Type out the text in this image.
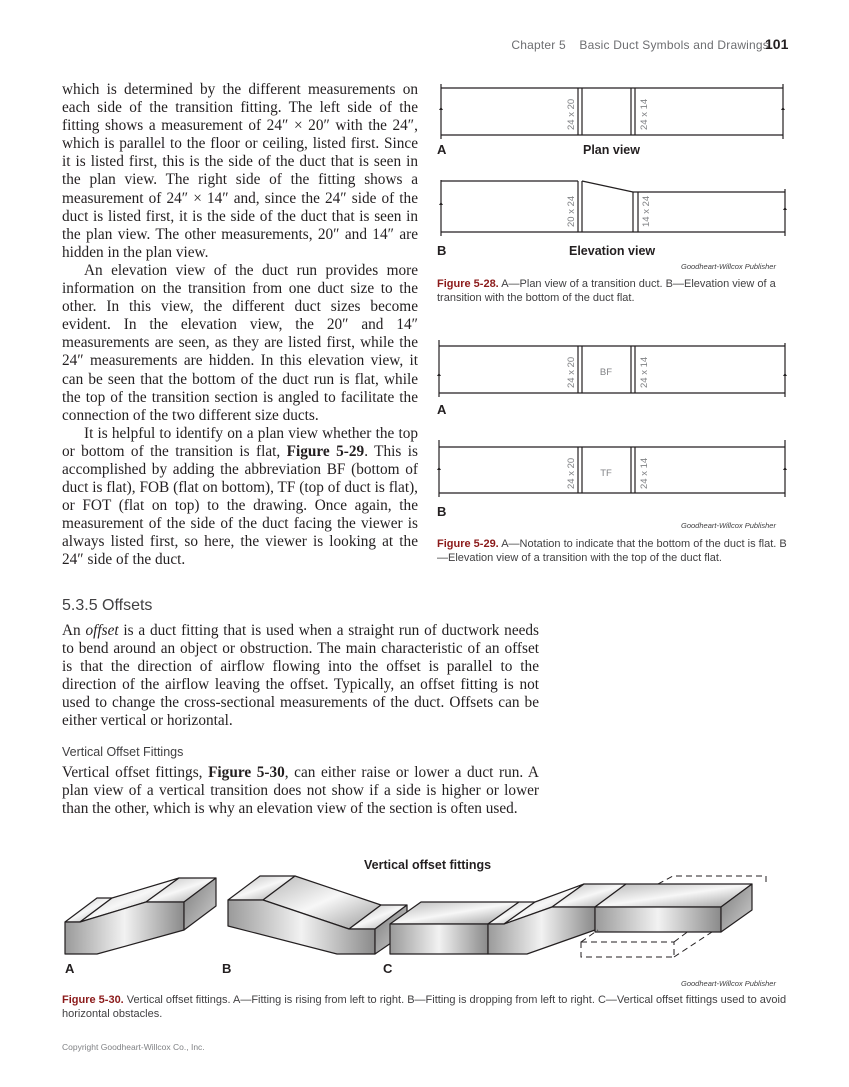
Chapter 5 Basic Duct Symbols and Drawings
101

which is determined by the different measurements on each side of the transition fitting. The left side of the fitting shows a measurement of 24″ × 20″ with the 24″, which is parallel to the floor or ceiling, listed first. Since it is listed first, this is the side of the duct that is seen in the plan view. The right side of the fitting shows a measurement of 24″ × 14″ and, since the 24″ side of the duct is listed first, it is the side of the duct that is seen in the plan view. The other measurements, 20″ and 14″ are hidden in the plan view.

An elevation view of the duct run provides more information on the transition from one duct size to the other. In this view, the different duct sizes become evident. In the elevation view, the 20″ and 14″ measurements are seen, as they are listed first, while the 24″ measurements are hidden. In this elevation view, it can be seen that the bottom of the duct run is flat, while the top of the transition section is angled to facilitate the connection of the two different size ducts.

It is helpful to identify on a plan view whether the top or bottom of the transition is flat, Figure 5-29. This is accomplished by adding the abbreviation BF (bottom of duct is flat), FOB (flat on bottom), TF (top of duct is flat), or FOT (flat on top) to the drawing. Once again, the measurement of the side of the duct facing the viewer is always listed first, so here, the viewer is looking at the 24″ side of the duct.

24 x 20	24 x 14
20 x 24	14 x 24
A	Plan view
B	Elevation view
Goodheart-Willcox Publisher
Figure 5-28. A—Plan view of a transition duct. B—Elevation view of a transition with the bottom of the duct flat.
24 x 20	24 x 14
BF
24 x 20	24 x 14
TF
A
B
Goodheart-Willcox Publisher
Figure 5-29. A—Notation to indicate that the bottom of the duct is flat. B—Elevation view of a transition with the top of the duct flat.
5.3.5 Offsets

An offset is a duct fitting that is used when a straight run of ductwork needs to bend around an object or obstruction. The main characteristic of an offset is that the direction of airflow flowing into the offset is parallel to the direction of the airflow leaving the offset. Typically, an offset fitting is not used to change the cross-sectional measurements of the duct. Offsets can be either vertical or horizontal.

Vertical Offset Fittings

Vertical offset fittings, Figure 5-30, can either raise or lower a duct run. A plan view of a vertical transition does not show if a side is higher or lower than the other, which is why an elevation view of the section is often used.

Vertical offset fittings
A	B	C
Goodheart-Willcox Publisher
Figure 5-30. Vertical offset fittings. A—Fitting is rising from left to right. B—Fitting is dropping from left to right. C—Vertical offset fittings used to avoid horizontal obstacles.
Copyright Goodheart-Willcox Co., Inc.
